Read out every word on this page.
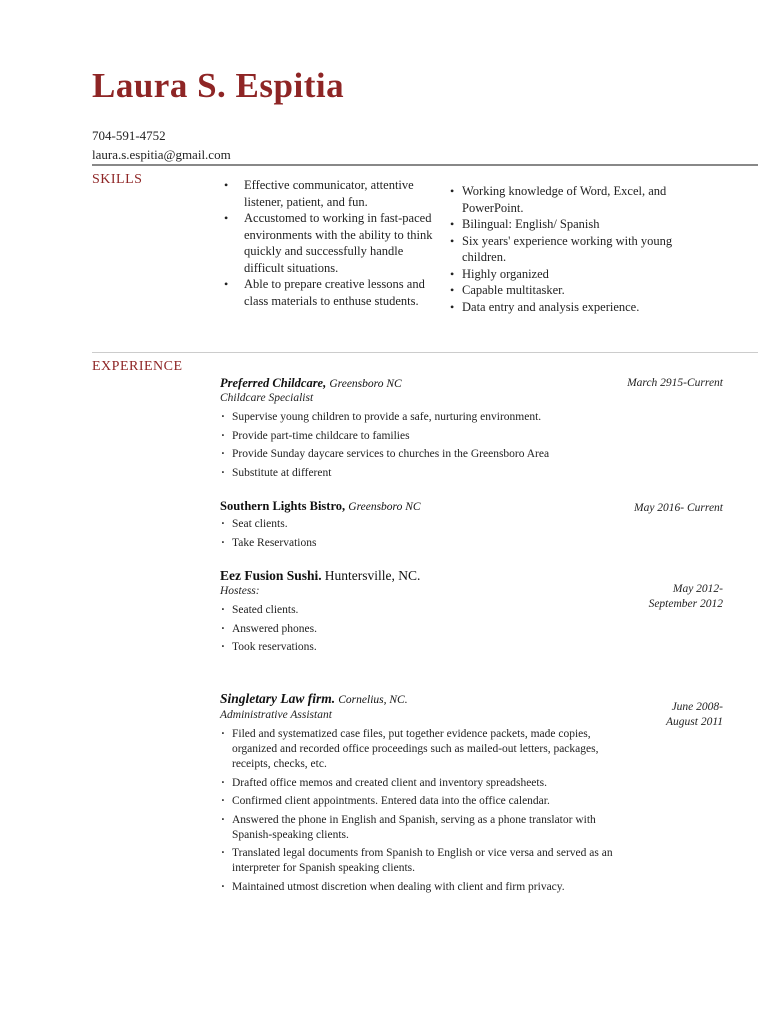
Laura S. Espitia
704-591-4752
laura.s.espitia@gmail.com
SKILLS
•	Effective communicator, attentive listener, patient, and fun.
• Accustomed to working in fast-paced environments with the ability to think quickly and successfully handle difficult situations.
• Able to prepare creative lessons and class materials to enthuse students.
• Working knowledge of Word, Excel, and PowerPoint.
• Bilingual: English/ Spanish
• Six years' experience working with young children.
• Highly organized
• Capable multitasker.
• Data entry and analysis experience.
EXPERIENCE
Preferred Childcare, Greensboro NC
Childcare Specialist
March 2915-Current
· Supervise young children to provide a safe, nurturing environment.
· Provide part-time childcare to families
· Provide Sunday daycare services to churches in the Greensboro Area
· Substitute at different
Southern Lights Bistro, Greensboro NC	May 2016- Current
· Seat clients.
· Take Reservations
Eez Fusion Sushi. Huntersville, NC.
Hostess:	May 2012-
September 2012
· Seated clients.
· Answered phones.
· Took reservations.
Singletary Law firm. Cornelius, NC.
Administrative Assistant
June 2008-
August 2011
· Filed and systematized case files, put together evidence packets, made copies, organized and recorded office proceedings such as mailed-out letters, packages, receipts, checks, etc.
· Drafted office memos and created client and inventory spreadsheets.
· Confirmed client appointments. Entered data into the office calendar.
· Answered the phone in English and Spanish, serving as a phone translator with Spanish-speaking clients.
· Translated legal documents from Spanish to English or vice versa and served as an interpreter for Spanish speaking clients.
· Maintained utmost discretion when dealing with client and firm privacy.
